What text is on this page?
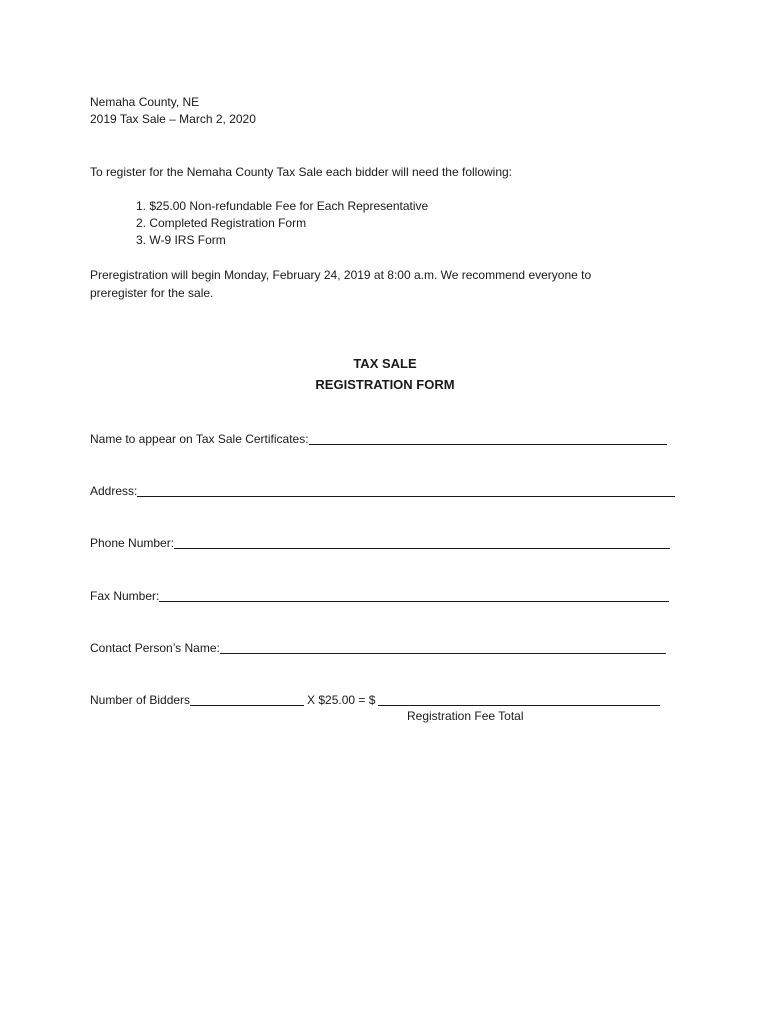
Nemaha County, NE
2019 Tax Sale – March 2, 2020
To register for the Nemaha County Tax Sale each bidder will need the following:
1. $25.00 Non-refundable Fee for Each Representative
2. Completed Registration Form
3. W-9 IRS Form
Preregistration will begin Monday, February 24, 2019 at 8:00 a.m. We recommend everyone to
preregister for the sale.
TAX SALE
REGISTRATION FORM
Name to appear on Tax Sale Certificates:
Address:
Phone Number:
Fax Number:
Contact Person’s Name:
Number of Bidders	X $25.00 = $
Registration Fee Total
